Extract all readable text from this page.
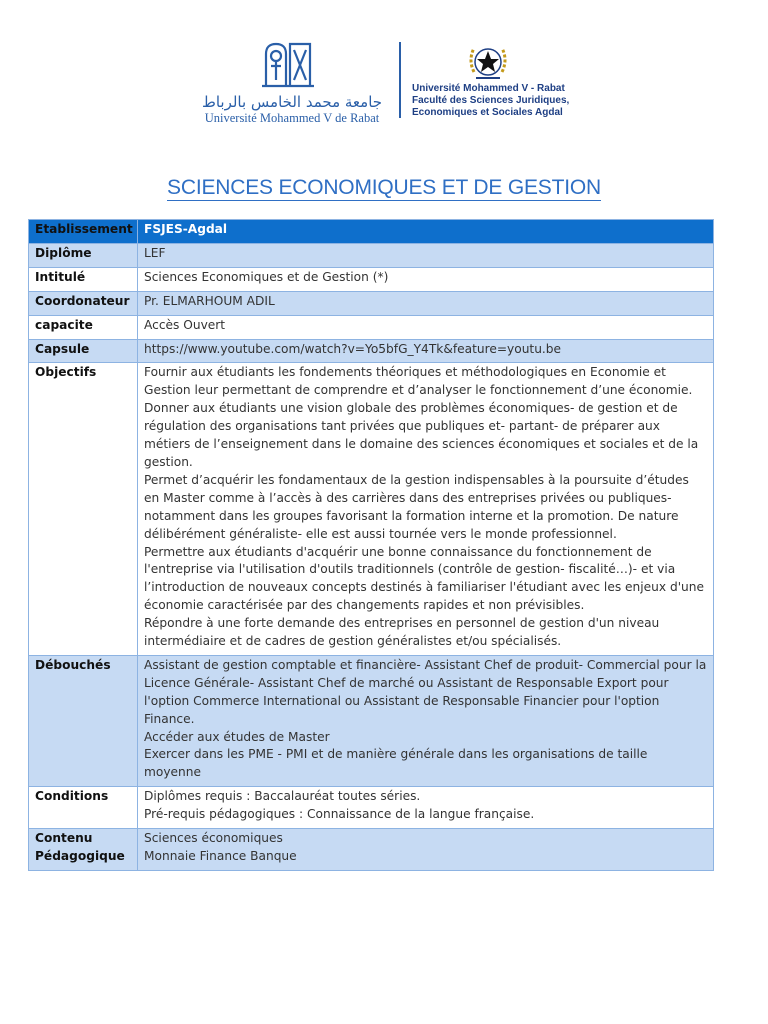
جامعة محمد الخامس بالرباط
Université Mohammed V de Rabat
Université Mohammed V - Rabat
Faculté des Sciences Juridiques,
Economiques et Sociales Agdal
SCIENCES ECONOMIQUES ET DE GESTION
Etablissement	FSJES-Agdal

Diplôme	LEF

Intitulé	Sciences Economiques et de Gestion (*)

Coordonateur	Pr. ELMARHOUM ADIL

capacite	Accès Ouvert

Capsule	https://www.youtube.com/watch?v=Yo5bfG_Y4Tk&feature=youtu.be

Objectifs	Fournir aux étudiants les fondements théoriques et méthodologiques en Economie et Gestion leur permettant de comprendre et d’analyser le fonctionnement d’une économie.
Donner aux étudiants une vision globale des problèmes économiques- de gestion et de régulation des organisations tant privées que publiques et- partant- de préparer aux métiers de l’enseignement dans le domaine des sciences économiques et sociales et de la gestion.
Permet d’acquérir les fondamentaux de la gestion indispensables à la poursuite d’études en Master comme à l’accès à des carrières dans des entreprises privées ou publiques- notamment dans les groupes favorisant la formation interne et la promotion. De nature délibérément généraliste- elle est aussi tournée vers le monde professionnel.
Permettre aux étudiants d'acquérir une bonne connaissance du fonctionnement de l'entreprise via l'utilisation d'outils traditionnels (contrôle de gestion- fiscalité…)- et via l’introduction de nouveaux concepts destinés à familiariser l'étudiant avec les enjeux d'une économie caractérisée par des changements rapides et non prévisibles.
Répondre à une forte demande des entreprises en personnel de gestion d'un niveau intermédiaire et de cadres de gestion généralistes et/ou spécialisés.

Débouchés	Assistant de gestion comptable et financière- Assistant Chef de produit- Commercial pour la Licence Générale- Assistant Chef de marché ou Assistant de Responsable Export pour l'option Commerce International ou Assistant de Responsable Financier pour l'option Finance.
Accéder aux études de Master
Exercer dans les PME - PMI et de manière générale dans les organisations de taille moyenne

Conditions	Diplômes requis : Baccalauréat toutes séries.
Pré-requis pédagogiques : Connaissance de la langue française.

Contenu Pédagogique	Sciences économiques
Monnaie Finance Banque
